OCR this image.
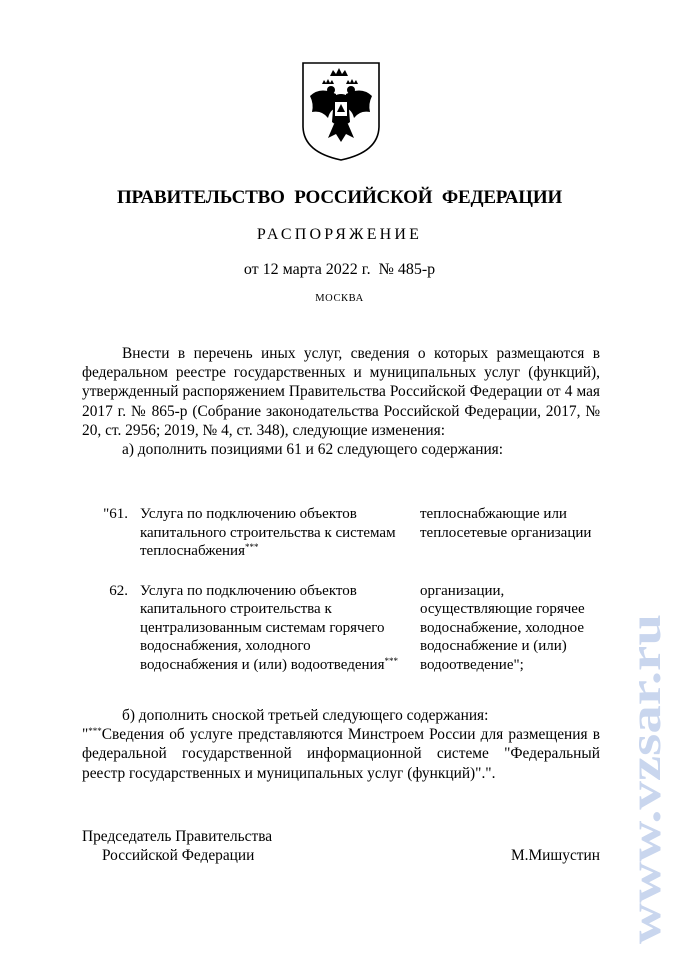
ПРАВИТЕЛЬСТВО РОССИЙСКОЙ ФЕДЕРАЦИИ
РАСПОРЯЖЕНИЕ
от 12 марта 2022 г. № 485-р
МОСКВА

Внести в перечень иных услуг, сведения о которых размещаются в федеральном реестре государственных и муниципальных услуг (функций), утвержденный распоряжением Правительства Российской Федерации от 4 мая 2017 г. № 865-р (Собрание законодательства Российской Федерации, 2017, № 20, ст. 2956; 2019, № 4, ст. 348), следующие изменения:

а) дополнить позициями 61 и 62 следующего содержания:

"61. Услуга по подключению объектов капитального строительства к системам теплоснабжения***
теплоснабжающие или теплосетевые организации
62. Услуга по подключению объектов капитального строительства к централизованным системам горячего водоснабжения, холодного водоснабжения и (или) водоотведения***
организации, осуществляющие горячее водоснабжение, холодное водоснабжение и (или) водоотведение";

б) дополнить сноской третьей следующего содержания:

"***Сведения об услуге представляются Минстроем России для размещения в федеральной государственной информационной системе "Федеральный реестр государственных и муниципальных услуг (функций)".".

Председатель Правительства
Российской Федерации	М.Мишустин www.vzsar.ru
